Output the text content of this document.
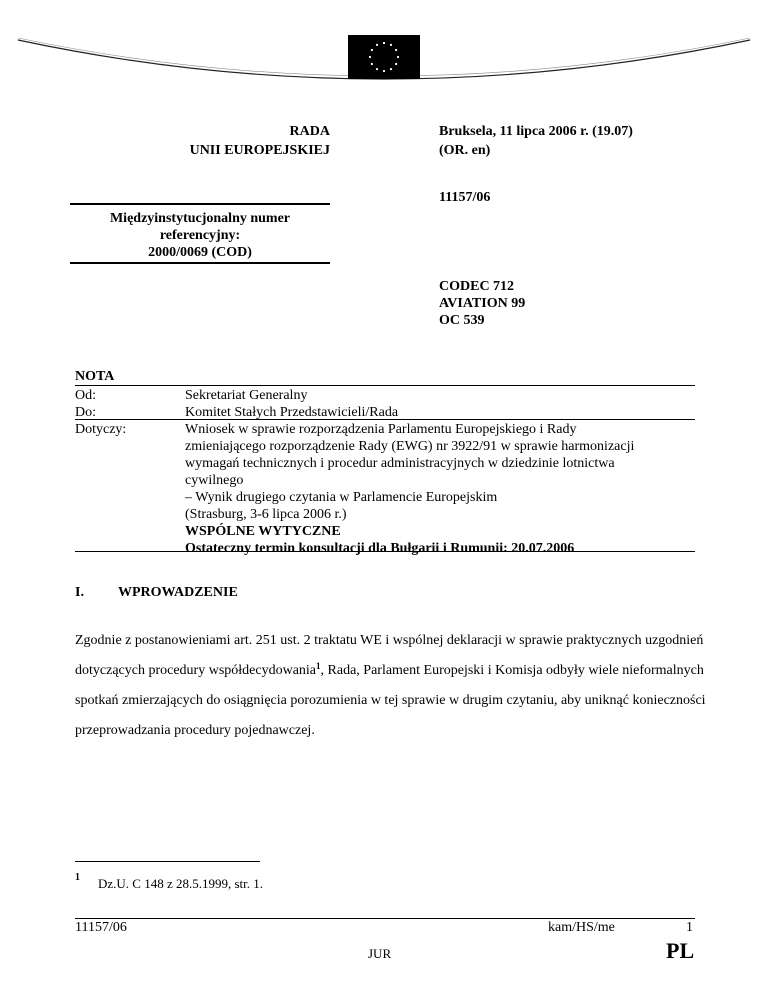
RADA
UNII EUROPEJSKIEJ
Bruksela, 11 lipca 2006 r. (19.07)
(OR. en)
11157/06
Międzyinstytucjonalny numer
referencyjny:
2000/0069 (COD)
CODEC 712
AVIATION 99
OC 539
NOTA
Od:	Sekretariat Generalny
Do:	Komitet Stałych Przedstawicieli/Rada
Dotyczy:	Wniosek w sprawie rozporządzenia Parlamentu Europejskiego i Rady
zmieniającego rozporządzenie Rady (EWG) nr 3922/91 w sprawie harmonizacji
wymagań technicznych i procedur administracyjnych w dziedzinie lotnictwa
cywilnego
– Wynik drugiego czytania w Parlamencie Europejskim
(Strasburg, 3-6 lipca 2006 r.)
WSPÓLNE WYTYCZNE
Ostateczny termin konsultacji dla Bułgarii i Rumunii: 20.07.2006
I. WPROWADZENIE
Zgodnie z postanowieniami art. 251 ust. 2 traktatu WE i wspólnej deklaracji w sprawie praktycznych uzgodnień dotyczących procedury współdecydowania$^1$, Rada, Parlament Europejski i Komisja odbyły wiele nieformalnych spotkań zmierzających do osiągnięcia porozumienia w tej sprawie w drugim czytaniu, aby uniknąć konieczności przeprowadzania procedury pojednawczej.
1 Dz.U. C 148 z 28.5.1999, str. 1.
11157/06	kam/HS/me	1
JUR	PL
